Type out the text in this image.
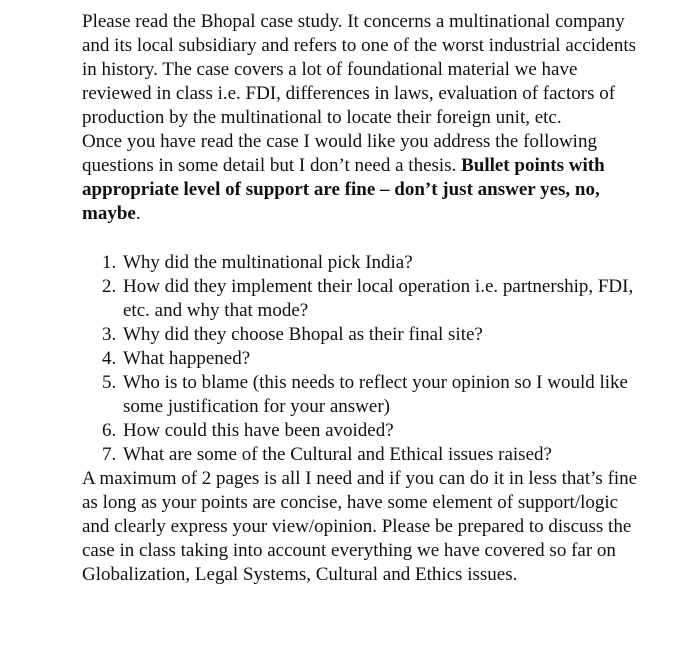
Please read the Bhopal case study. It concerns a multinational company and its local subsidiary and refers to one of the worst industrial accidents in history. The case covers a lot of foundational material we have reviewed in class i.e. FDI, differences in laws, evaluation of factors of production by the multinational to locate their foreign unit, etc.

Once you have read the case I would like you address the following questions in some detail but I don’t need a thesis. Bullet points with appropriate level of support are fine – don’t just answer yes, no, maybe.

1. Why did the multinational pick India?
2. How did they implement their local operation i.e. partnership, FDI, etc. and why that mode?
3. Why did they choose Bhopal as their final site?
4. What happened?
5. Who is to blame (this needs to reflect your opinion so I would like some justification for your answer)
6. How could this have been avoided?
7. What are some of the Cultural and Ethical issues raised?

A maximum of 2 pages is all I need and if you can do it in less that’s fine as long as your points are concise, have some element of support/logic and clearly express your view/opinion. Please be prepared to discuss the case in class taking into account everything we have covered so far on Globalization, Legal Systems, Cultural and Ethics issues.
